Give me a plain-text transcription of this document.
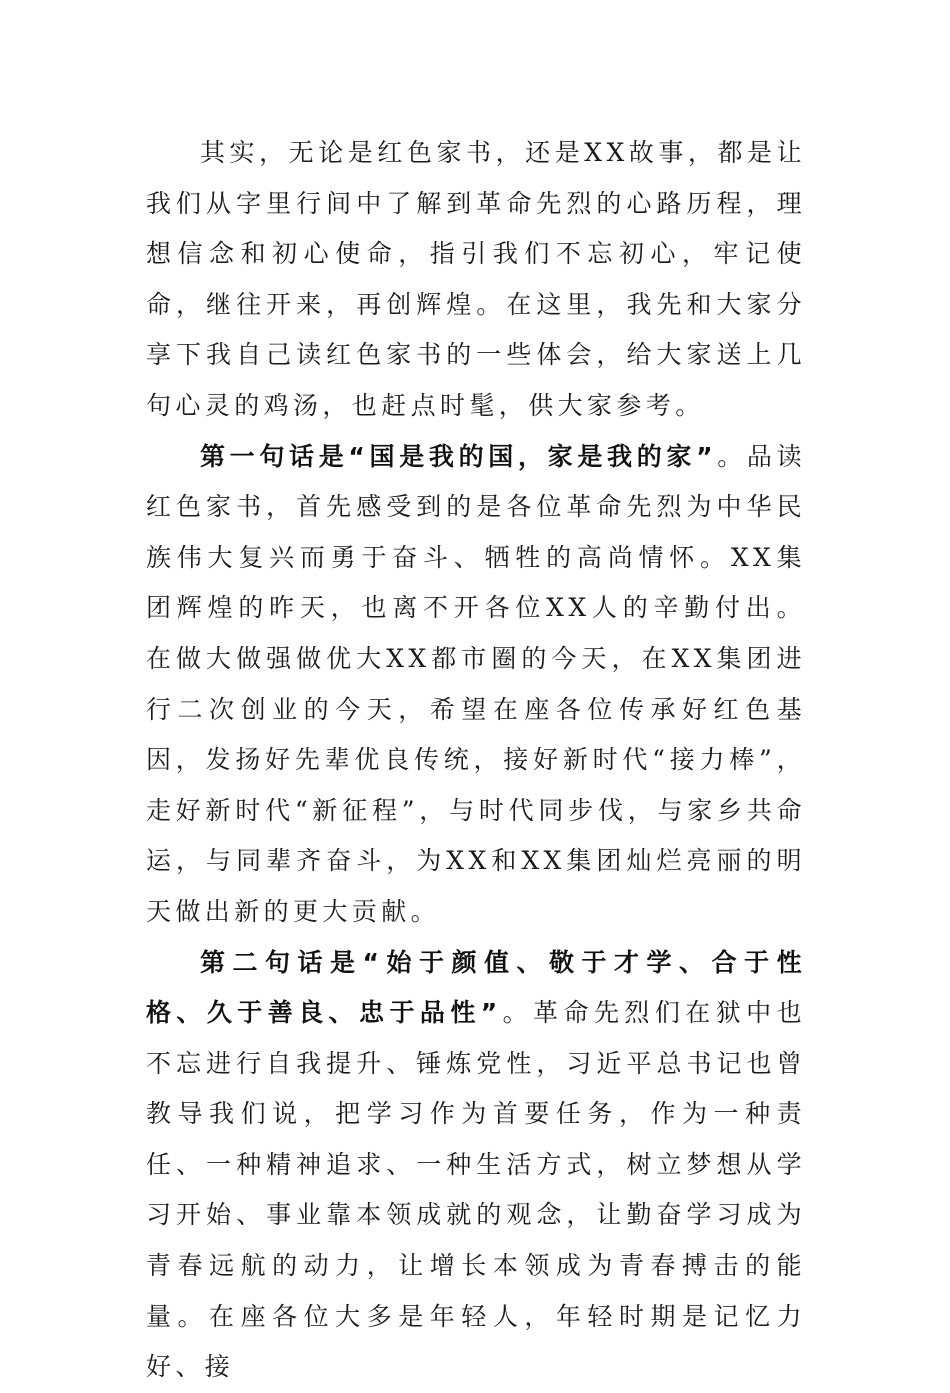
其实，无论是红色家书，还是XX故事，都是让我们从字里行间中了解到革命先烈的心路历程，理想信念和初心使命，指引我们不忘初心，牢记使命，继往开来，再创辉煌。在这里，我先和大家分享下我自己读红色家书的一些体会，给大家送上几句心灵的鸡汤，也赶点时髦，供大家参考。

第一句话是“国是我的国，家是我的家”。品读红色家书，首先感受到的是各位革命先烈为中华民族伟大复兴而勇于奋斗、牺牲的高尚情怀。XX集团辉煌的昨天，也离不开各位XX人的辛勤付出。在做大做强做优大XX都市圈的今天，在XX集团进行二次创业的今天，希望在座各位传承好红色基因，发扬好先辈优良传统，接好新时代“接力棒”，走好新时代“新征程”，与时代同步伐，与家乡共命运，与同辈齐奋斗，为XX和XX集团灿烂亮丽的明天做出新的更大贡献。

第二句话是“始于颜值、敬于才学、合于性格、久于善良、忠于品性”。革命先烈们在狱中也不忘进行自我提升、锤炼党性，习近平总书记也曾教导我们说，把学习作为首要任务，作为一种责任、一种精神追求、一种生活方式，树立梦想从学习开始、事业靠本领成就的观念，让勤奋学习成为青春远航的动力，让增长本领成为青春搏击的能量。在座各位大多是年轻人，年轻时期是记忆力好、接
